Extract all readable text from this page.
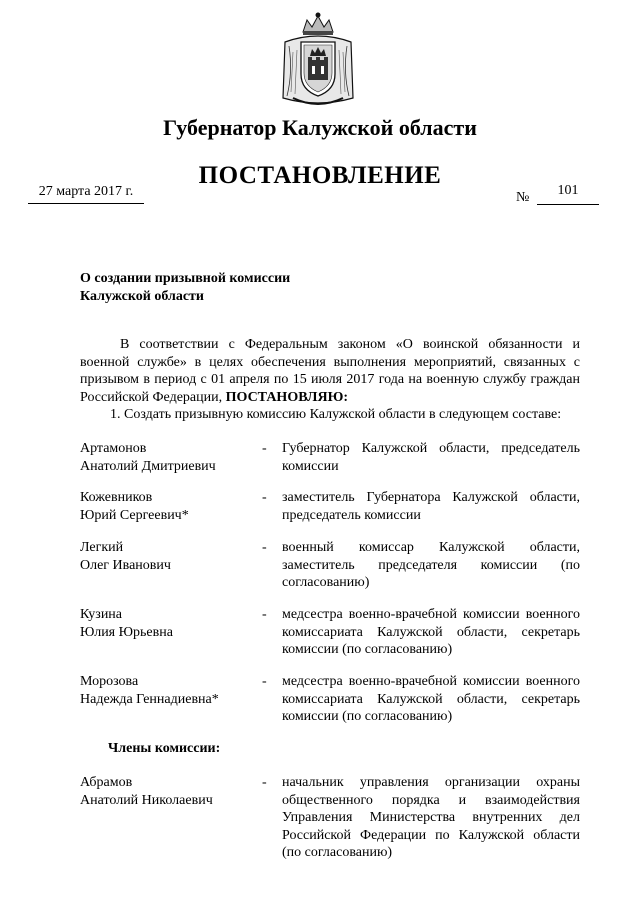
Губернатор Калужской области
ПОСТАНОВЛЕНИЕ
27 марта 2017 г.	№	101
О создании призывной комиссии
Калужской области

В соответствии с Федеральным законом «О воинской обязанности и военной службе» в целях обеспечения выполнения мероприятий, связанных с призывом в период с 01 апреля по 15 июля 2017 года на военную службу граждан Российской Федерации, ПОСТАНОВЛЯЮ:

1. Создать призывную комиссию Калужской области в следующем составе:

Артамонов
Анатолий Дмитриевич
- Губернатор Калужской области, председатель комиссии
Кожевников
Юрий Сергеевич*
- заместитель Губернатора Калужской области, председатель комиссии
Легкий
Олег Иванович
- военный комиссар Калужской области, заместитель председателя комиссии (по согласованию)
Кузина
Юлия Юрьевна
- медсестра военно-врачебной комиссии военного комиссариата Калужской области, секретарь комиссии (по согласованию)
Морозова
Надежда Геннадиевна*
- медсестра военно-врачебной комиссии военного комиссариата Калужской области, секретарь комиссии (по согласованию)
Члены комиссии:
Абрамов
Анатолий Николаевич
- начальник управления организации охраны общественного порядка и взаимодействия Управления Министерства внутренних дел Российской Федерации по Калужской области (по согласованию)
